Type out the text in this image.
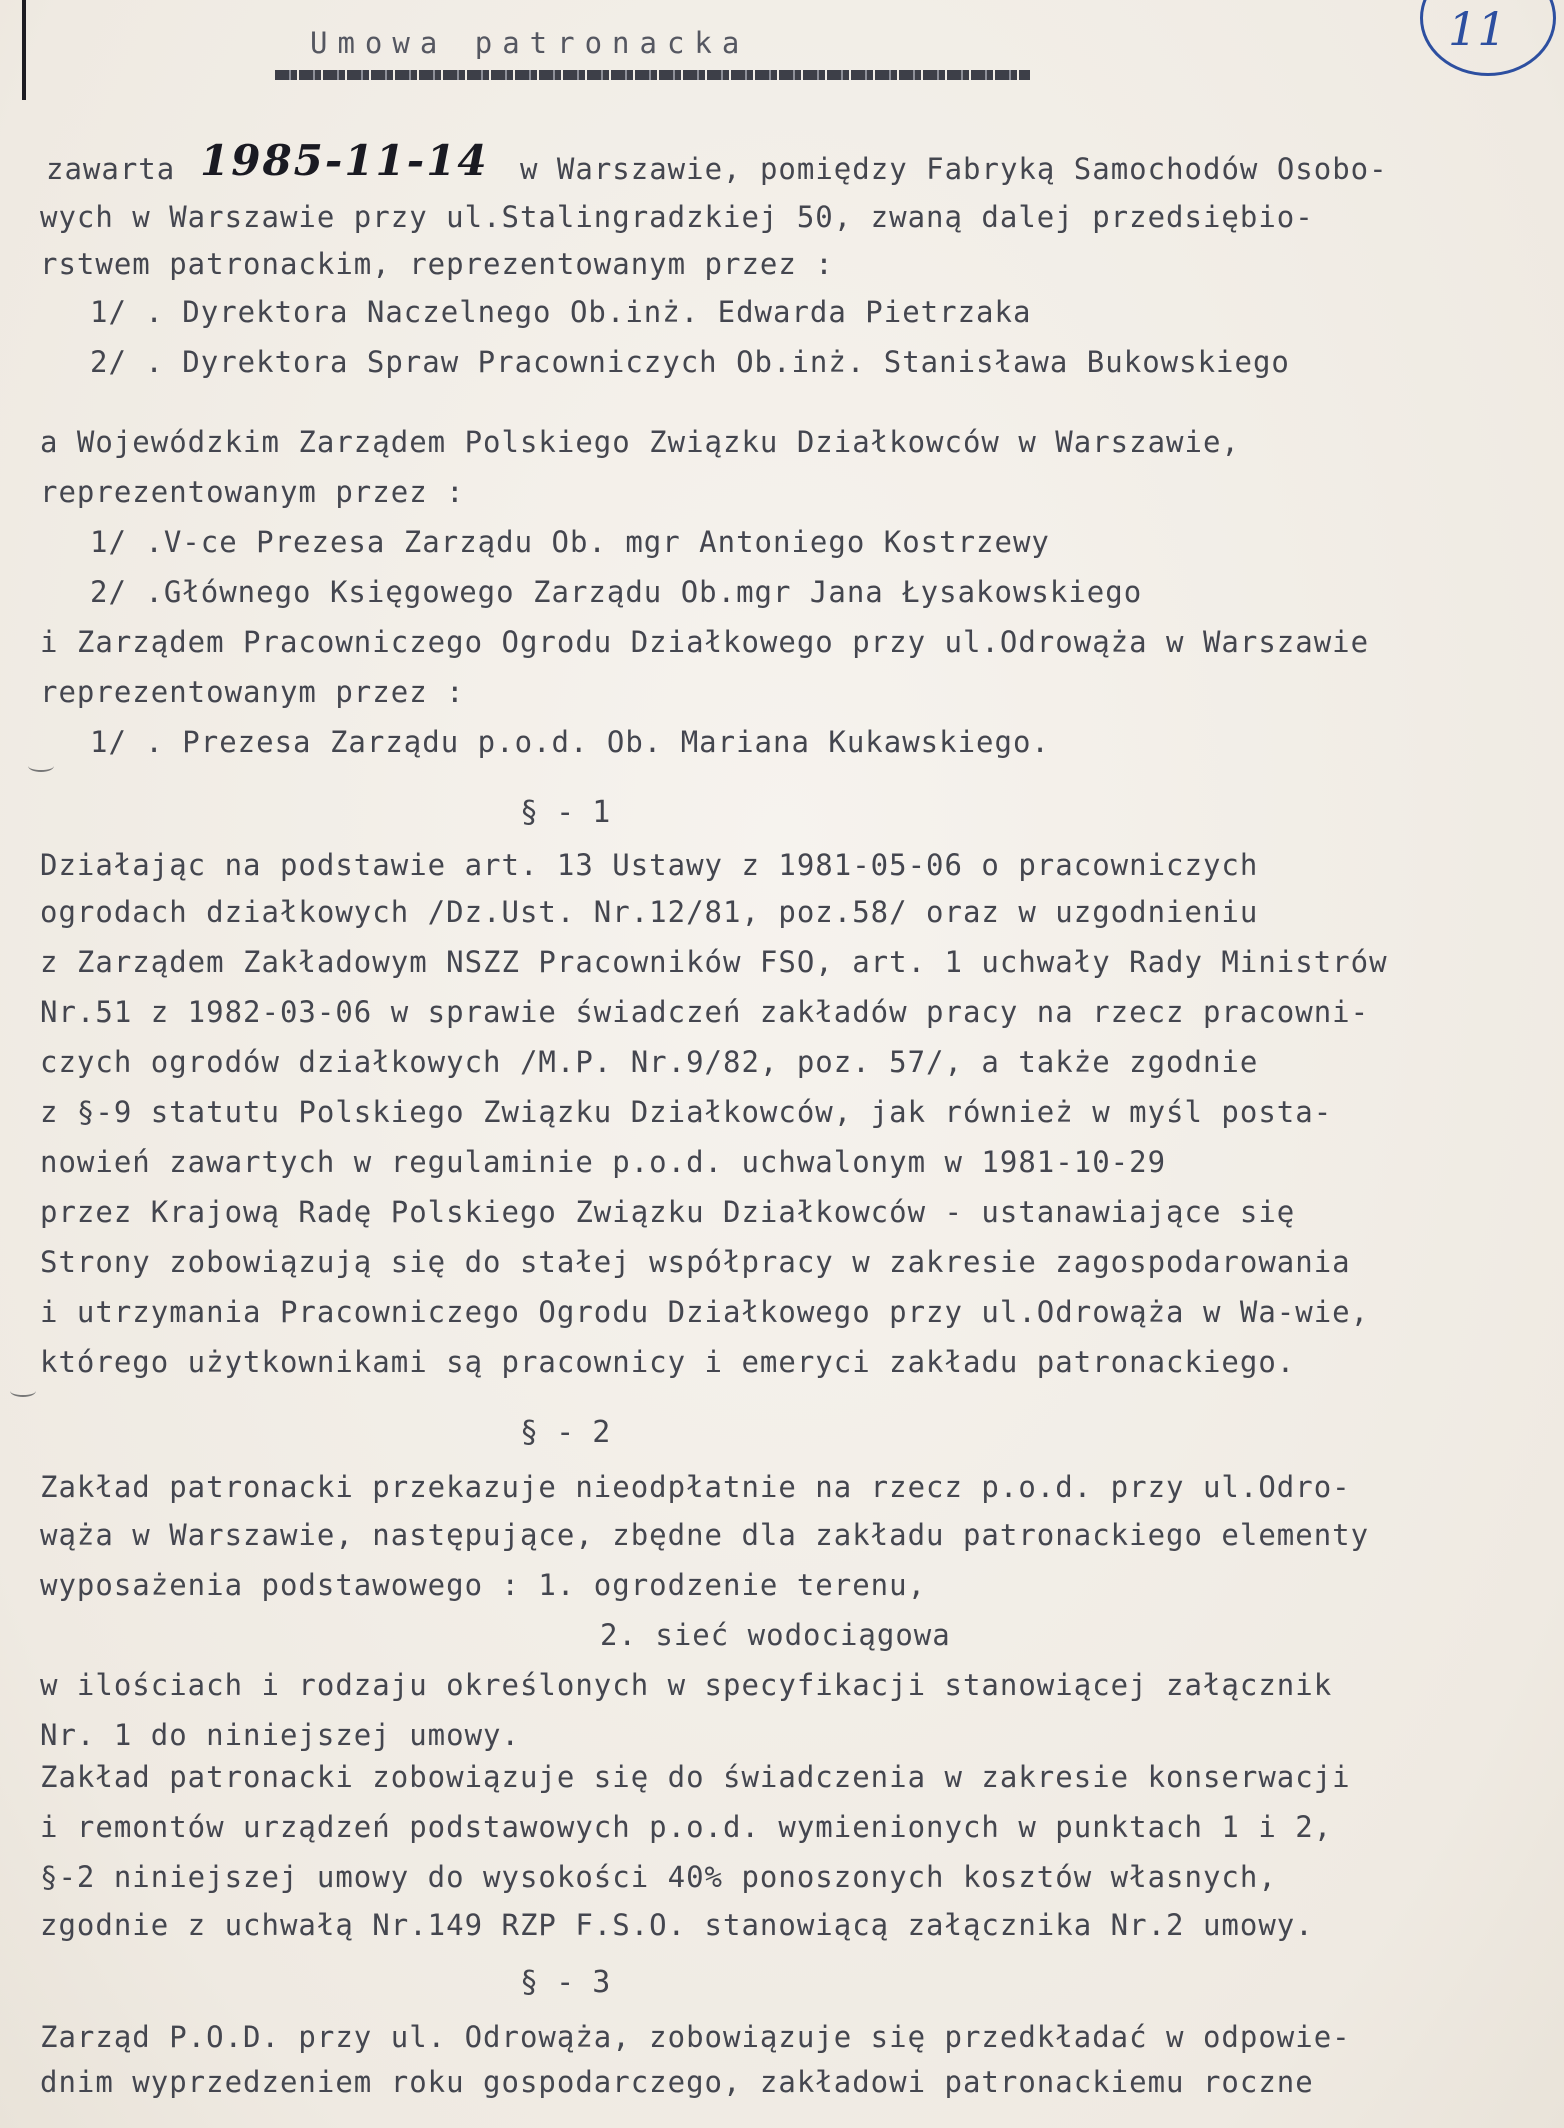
11
Umowa patronacka
zawarta 1985-11-14 w Warszawie, pomiędzy Fabryką Samochodów Osobo-
wych w Warszawie przy ul.Stalingradzkiej 50, zwaną dalej przedsiębio-
rstwem patronackim, reprezentowanym przez :
1/ . Dyrektora Naczelnego Ob.inż. Edwarda Pietrzaka
2/ . Dyrektora Spraw Pracowniczych Ob.inż. Stanisława Bukowskiego
a Wojewódzkim Zarządem Polskiego Związku Działkowców w Warszawie,
reprezentowanym przez :
1/ .V-ce Prezesa Zarządu Ob. mgr Antoniego Kostrzewy
2/ .Głównego Księgowego Zarządu Ob.mgr Jana Łysakowskiego
i Zarządem Pracowniczego Ogrodu Działkowego przy ul.Odrowąża w Warszawie
reprezentowanym przez :
1/ . Prezesa Zarządu p.o.d. Ob. Mariana Kukawskiego.
§ - 1
Działając na podstawie art. 13 Ustawy z 1981-05-06 o pracowniczych
ogrodach działkowych /Dz.Ust. Nr.12/81, poz.58/ oraz w uzgodnieniu
z Zarządem Zakładowym NSZZ Pracowników FSO, art. 1 uchwały Rady Ministrów
Nr.51 z 1982-03-06 w sprawie świadczeń zakładów pracy na rzecz pracowni-
czych ogrodów działkowych /M.P. Nr.9/82, poz. 57/, a także zgodnie
z §-9 statutu Polskiego Związku Działkowców, jak również w myśl posta-
nowień zawartych w regulaminie p.o.d. uchwalonym w 1981-10-29
przez Krajową Radę Polskiego Związku Działkowców - ustanawiające się
Strony zobowiązują się do stałej współpracy w zakresie zagospodarowania
i utrzymania Pracowniczego Ogrodu Działkowego przy ul.Odrowąża w Wa-wie,
którego użytkownikami są pracownicy i emeryci zakładu patronackiego.
§ - 2
Zakład patronacki przekazuje nieodpłatnie na rzecz p.o.d. przy ul.Odro-
wąża w Warszawie, następujące, zbędne dla zakładu patronackiego elementy
wyposażenia podstawowego : 1. ogrodzenie terenu,
2. sieć wodociągowa
w ilościach i rodzaju określonych w specyfikacji stanowiącej załącznik
Nr. 1 do niniejszej umowy.
Zakład patronacki zobowiązuje się do świadczenia w zakresie konserwacji
i remontów urządzeń podstawowych p.o.d. wymienionych w punktach 1 i 2,
§-2 niniejszej umowy do wysokości 40% ponoszonych kosztów własnych,
zgodnie z uchwałą Nr.149 RZP F.S.O. stanowiącą załącznika Nr.2 umowy.
§ - 3
Zarząd P.O.D. przy ul. Odrowąża, zobowiązuje się przedkładać w odpowie-
dnim wyprzedzeniem roku gospodarczego, zakładowi patronackiemu roczne
